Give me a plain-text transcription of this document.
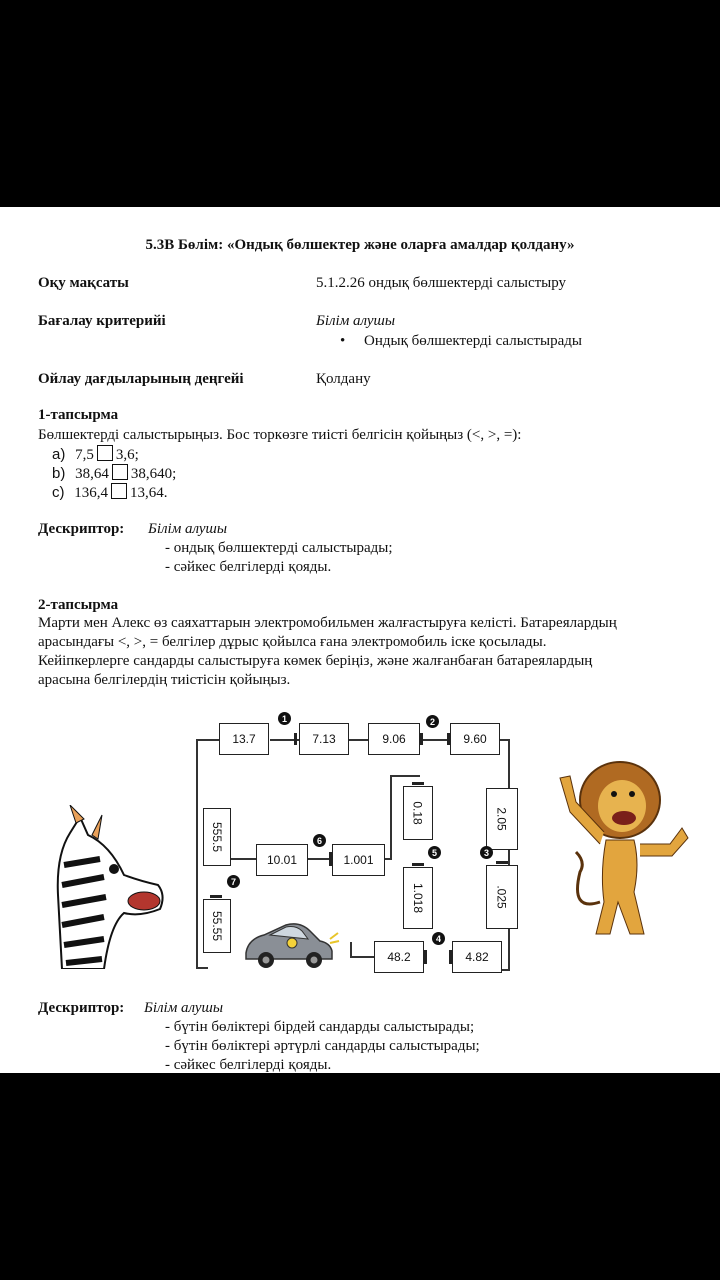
5.3В Бөлім: «Ондық бөлшектер және оларға амалдар қолдану»
Оқу мақсаты	5.1.2.26 ондық бөлшектерді салыстыру
Бағалау критерийі	Білім алушы
• Ондық бөлшектерді салыстырады
Ойлау дағдыларының деңгейі	Қолдану
1-тапсырма
Бөлшектерді салыстырыңыз. Бос торкөзге тиісті белгісін қойыңыз (<, >, =):
a) 7,5 3,6;
b) 38,64 38,640;
c) 136,4 13,64.
Дескриптор: Білім алушы
- ондық бөлшектерді салыстырады;
- сәйкес белгілерді қояды.
2-тапсырма
Марти мен Алекс өз саяхаттарын электромобильмен жалғастыруға келісті. Батареялардың
арасындағы <, >, = белгілер дұрыс қойылса ғана электромобиль іске қосылады.
Кейіпкерлерге сандарды салыстыруға көмек беріңіз, және жалғанбаған батареялардың
арасына белгілердің тиістісін қойыңыз.
13.7	7.13	9.06	9.60
555.5
55.55
10.01	1.001
0.18
1.018
2.05
.025
48.2	4.82
1	2
3
4
5
6
7
Дескриптор: Білім алушы
- бүтін бөліктері бірдей сандарды салыстырады;
- бүтін бөліктері әртүрлі сандарды салыстырады;
- сәйкес белгілерді қояды.
